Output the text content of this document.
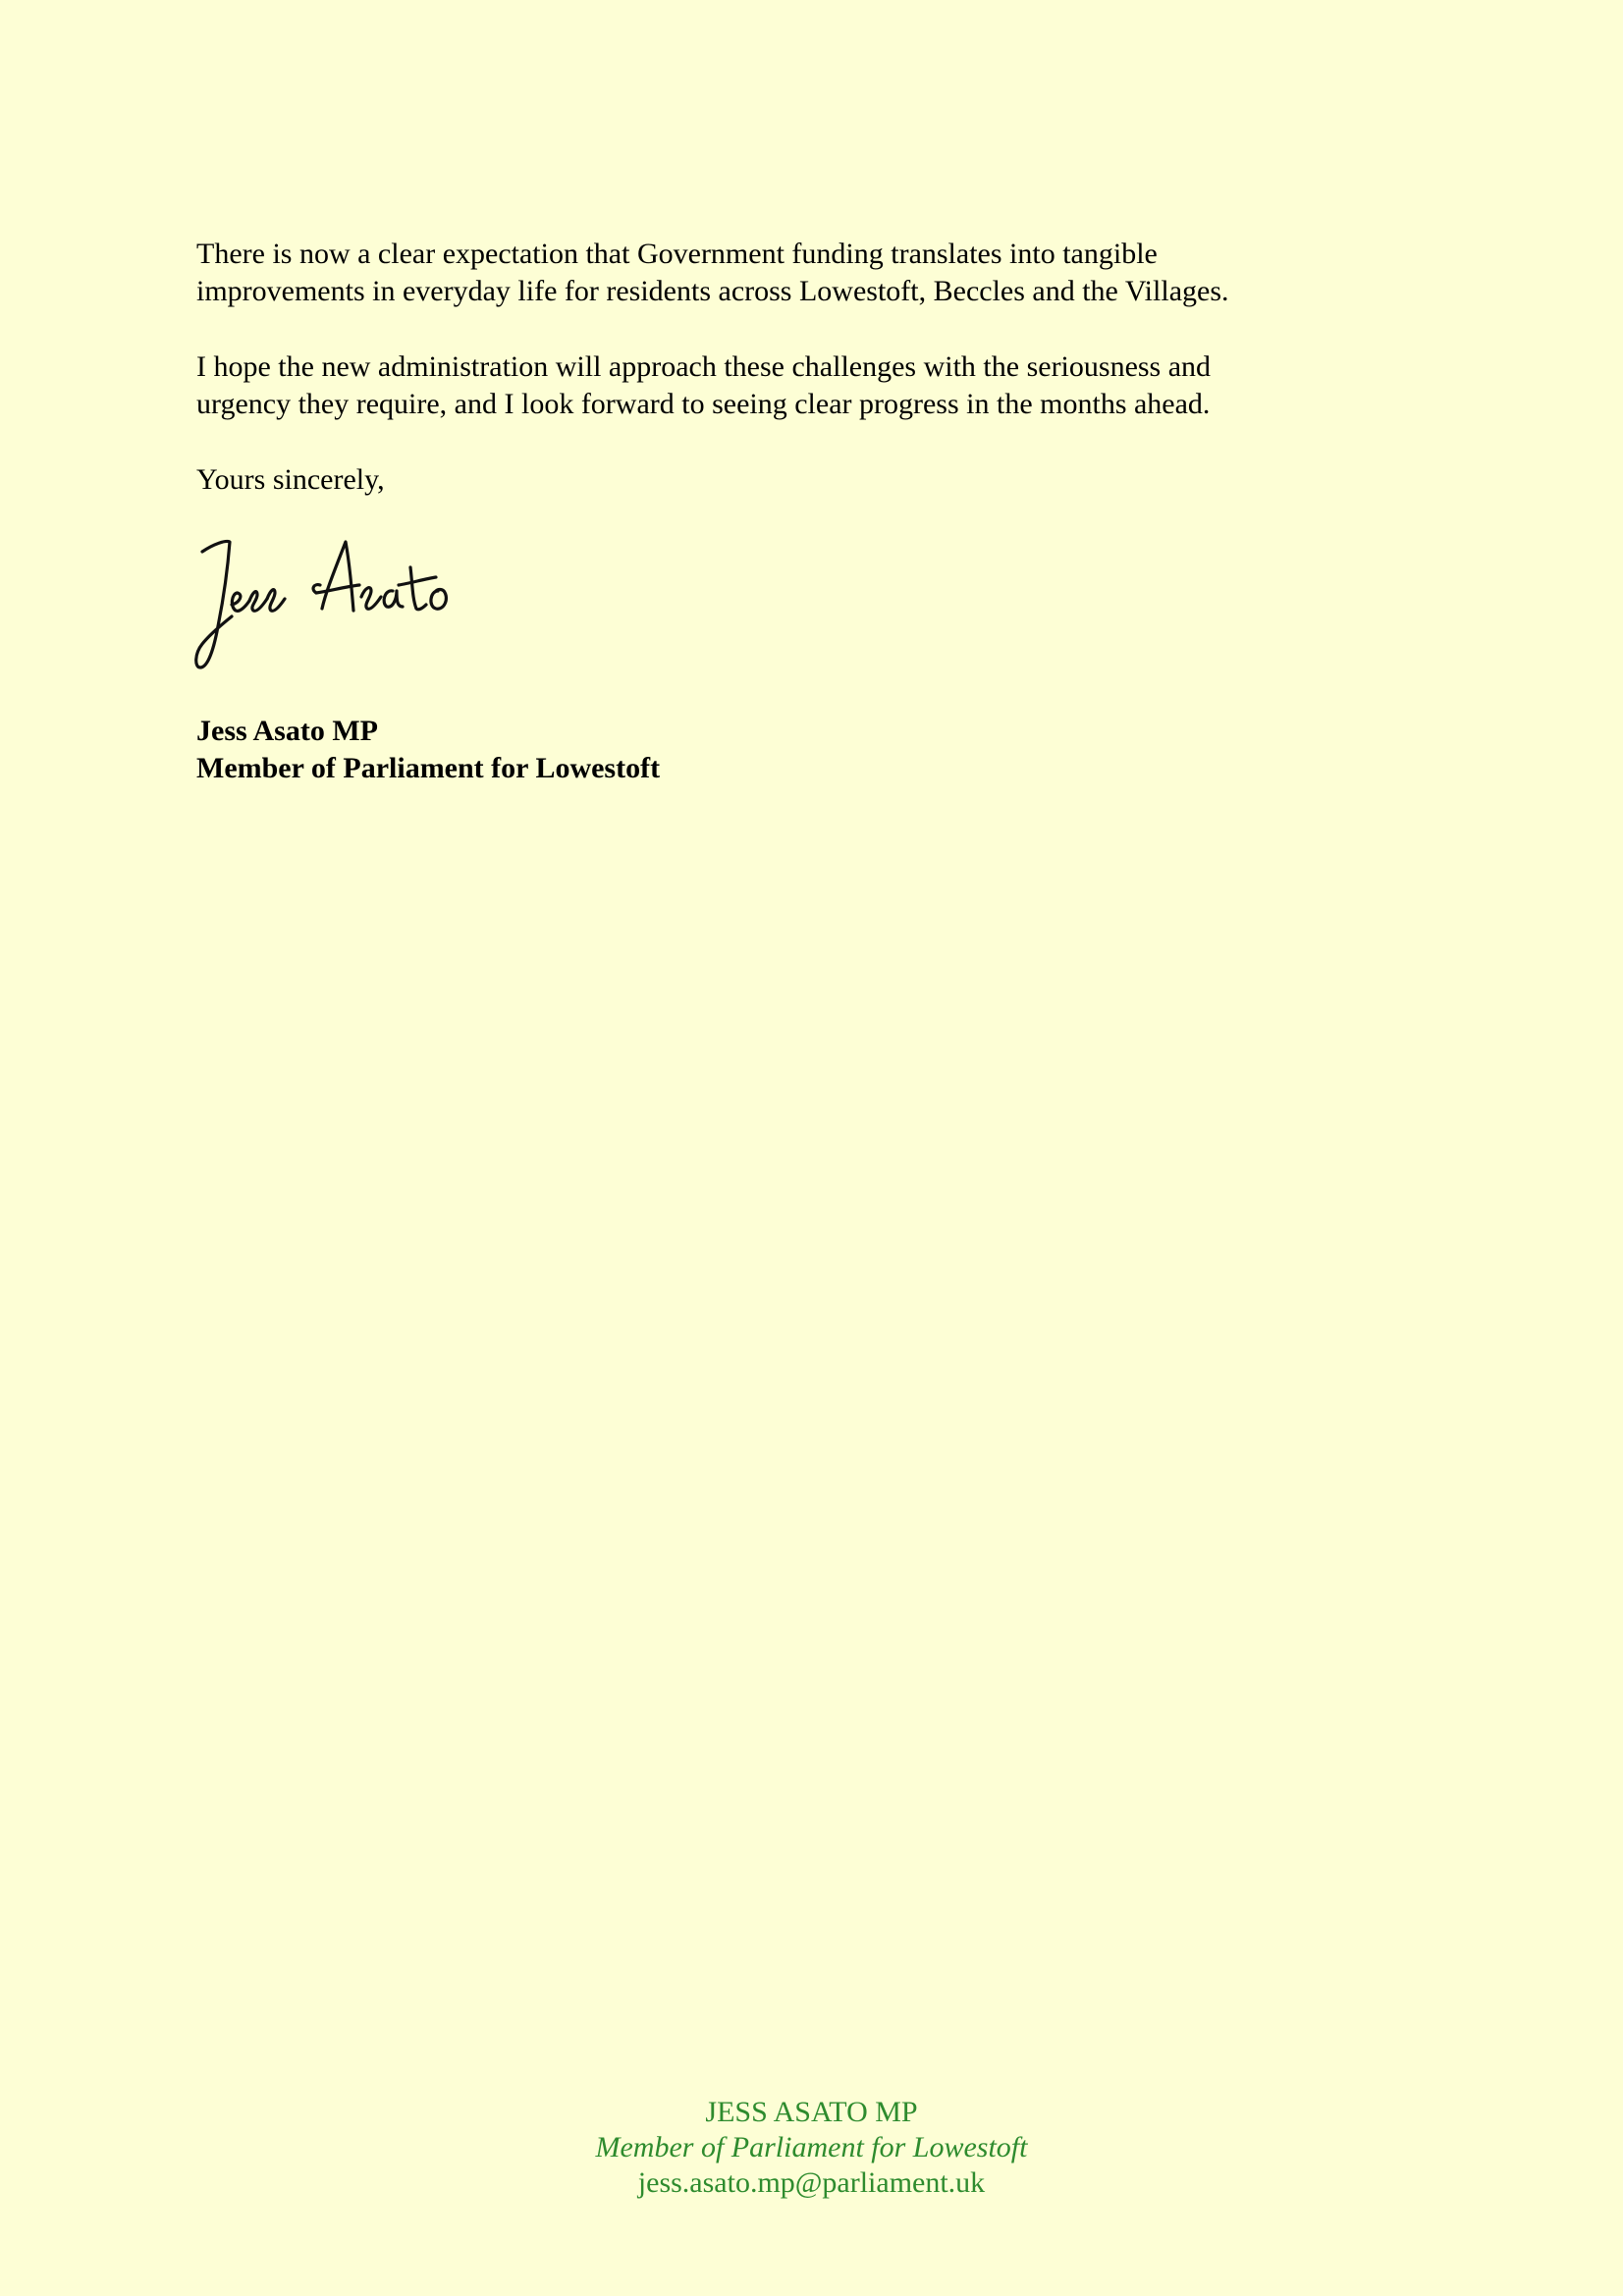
There is now a clear expectation that Government funding translates into tangible
improvements in everyday life for residents across Lowestoft, Beccles and the Villages.

I hope the new administration will approach these challenges with the seriousness and
urgency they require, and I look forward to seeing clear progress in the months ahead.

Yours sincerely,

Jess Asato MP
Member of Parliament for Lowestoft
JESS ASATO MP
Member of Parliament for Lowestoft
jess.asato.mp@parliament.uk
